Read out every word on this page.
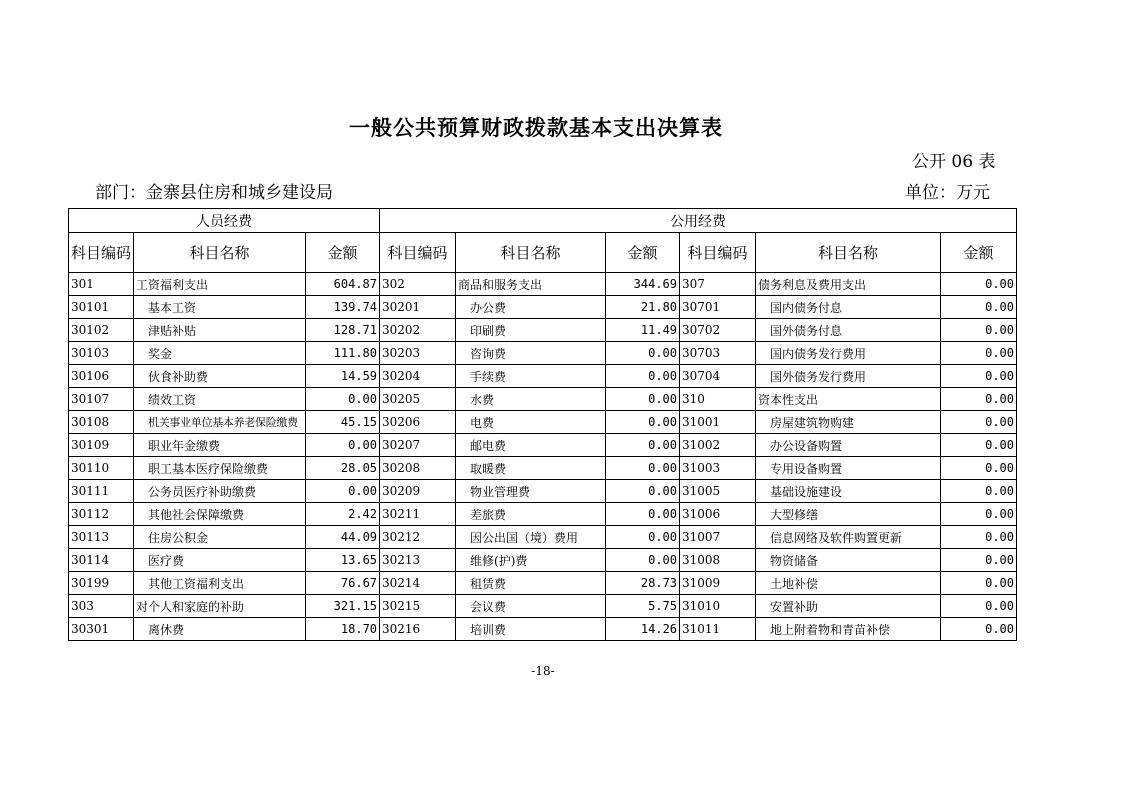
一般公共预算财政拨款基本支出决算表
公开 06 表
部门：金寨县住房和城乡建设局	单位：万元
人员经费			公用经费					
科目编码	科目名称	金额	科目编码	科目名称	金额	科目编码	科目名称	金额
301	工资福利支出	604.87	302	商品和服务支出	344.69	307	债务利息及费用支出	0.00
30101	基本工资	139.74	30201	办公费	21.80	30701	国内债务付息	0.00
30102	津贴补贴	128.71	30202	印刷费	11.49	30702	国外债务付息	0.00
30103	奖金	111.80	30203	咨询费	0.00	30703	国内债务发行费用	0.00
30106	伙食补助费	14.59	30204	手续费	0.00	30704	国外债务发行费用	0.00
30107	绩效工资	0.00	30205	水费	0.00	310	资本性支出	0.00
30108	机关事业单位基本养老保险缴费	45.15	30206	电费	0.00	31001	房屋建筑物购建	0.00
30109	职业年金缴费	0.00	30207	邮电费	0.00	31002	办公设备购置	0.00
30110	职工基本医疗保险缴费	28.05	30208	取暖费	0.00	31003	专用设备购置	0.00
30111	公务员医疗补助缴费	0.00	30209	物业管理费	0.00	31005	基础设施建设	0.00
30112	其他社会保障缴费	2.42	30211	差旅费	0.00	31006	大型修缮	0.00
30113	住房公积金	44.09	30212	因公出国（境）费用	0.00	31007	信息网络及软件购置更新	0.00
30114	医疗费	13.65	30213	维修(护)费	0.00	31008	物资储备	0.00
30199	其他工资福利支出	76.67	30214	租赁费	28.73	31009	土地补偿	0.00
303	对个人和家庭的补助	321.15	30215	会议费	5.75	31010	安置补助	0.00
30301	离休费	18.70	30216	培训费	14.26	31011	地上附着物和青苗补偿	0.00
-18-
